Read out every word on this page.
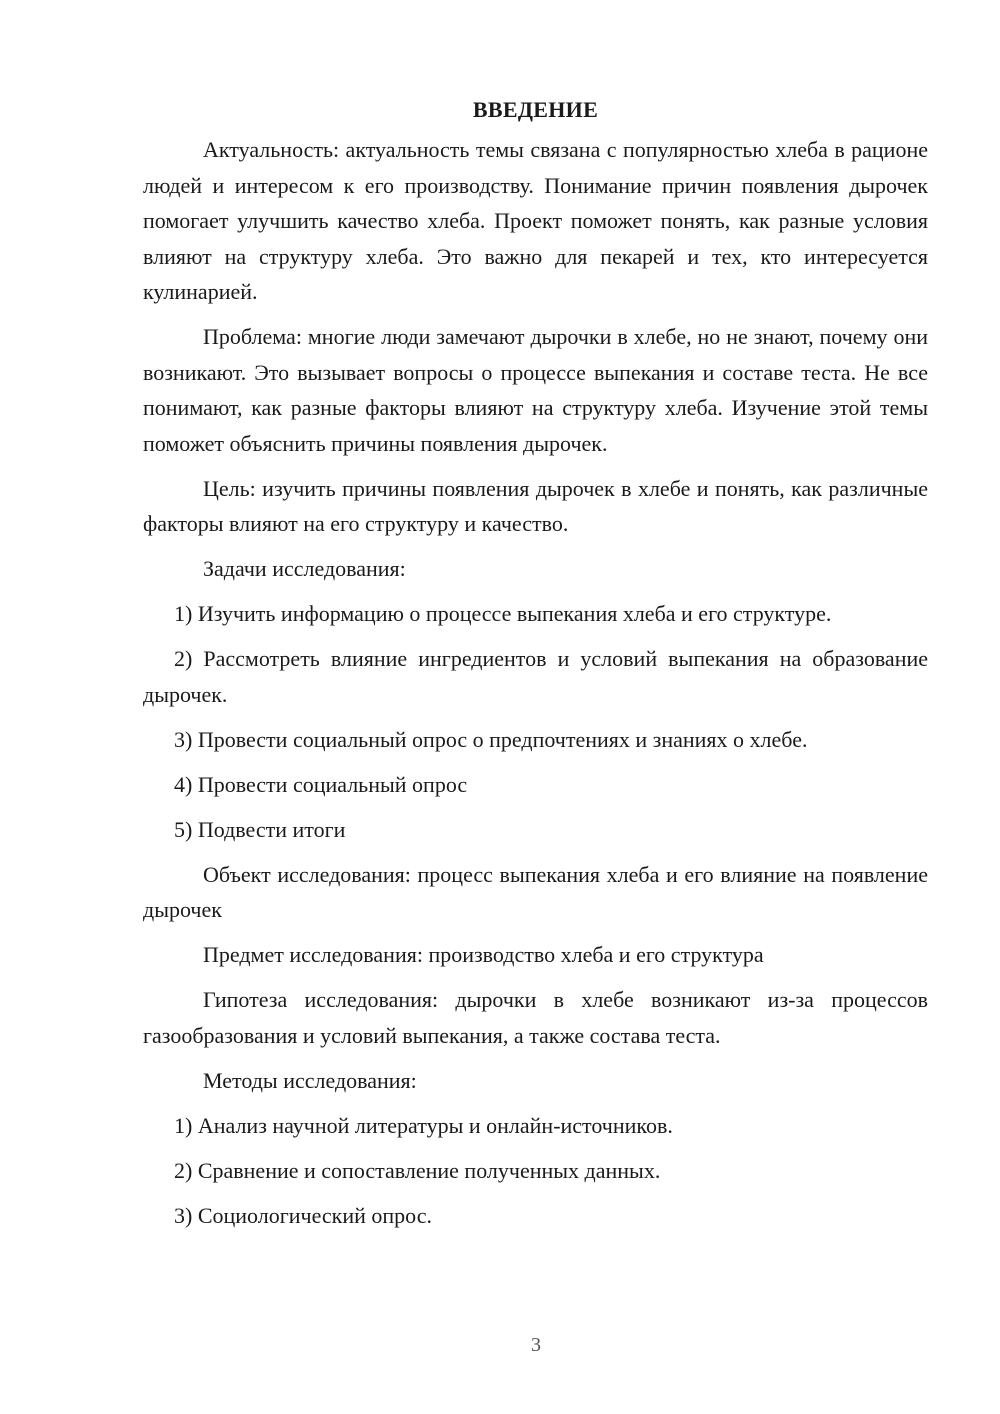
ВВЕДЕНИЕ

Актуальность: актуальность темы связана с популярностью хлеба в рационе людей и интересом к его производству. Понимание причин появления дырочек помогает улучшить качество хлеба. Проект поможет понять, как разные условия влияют на структуру хлеба. Это важно для пекарей и тех, кто интересуется кулинарией.

Проблема: многие люди замечают дырочки в хлебе, но не знают, почему они возникают. Это вызывает вопросы о процессе выпекания и составе теста. Не все понимают, как разные факторы влияют на структуру хлеба. Изучение этой темы поможет объяснить причины появления дырочек.

Цель: изучить причины появления дырочек в хлебе и понять, как различные факторы влияют на его структуру и качество.

Задачи исследования:

1) Изучить информацию о процессе выпекания хлеба и его структуре.

2) Рассмотреть влияние ингредиентов и условий выпекания на образование дырочек.

3) Провести социальный опрос о предпочтениях и знаниях о хлебе.

4) Провести социальный опрос

5) Подвести итоги

Объект исследования: процесс выпекания хлеба и его влияние на появление дырочек

Предмет исследования: производство хлеба и его структура

Гипотеза исследования: дырочки в хлебе возникают из-за процессов газообразования и условий выпекания, а также состава теста.

Методы исследования:

1) Анализ научной литературы и онлайн-источников.

2) Сравнение и сопоставление полученных данных.

3) Социологический опрос.

3
